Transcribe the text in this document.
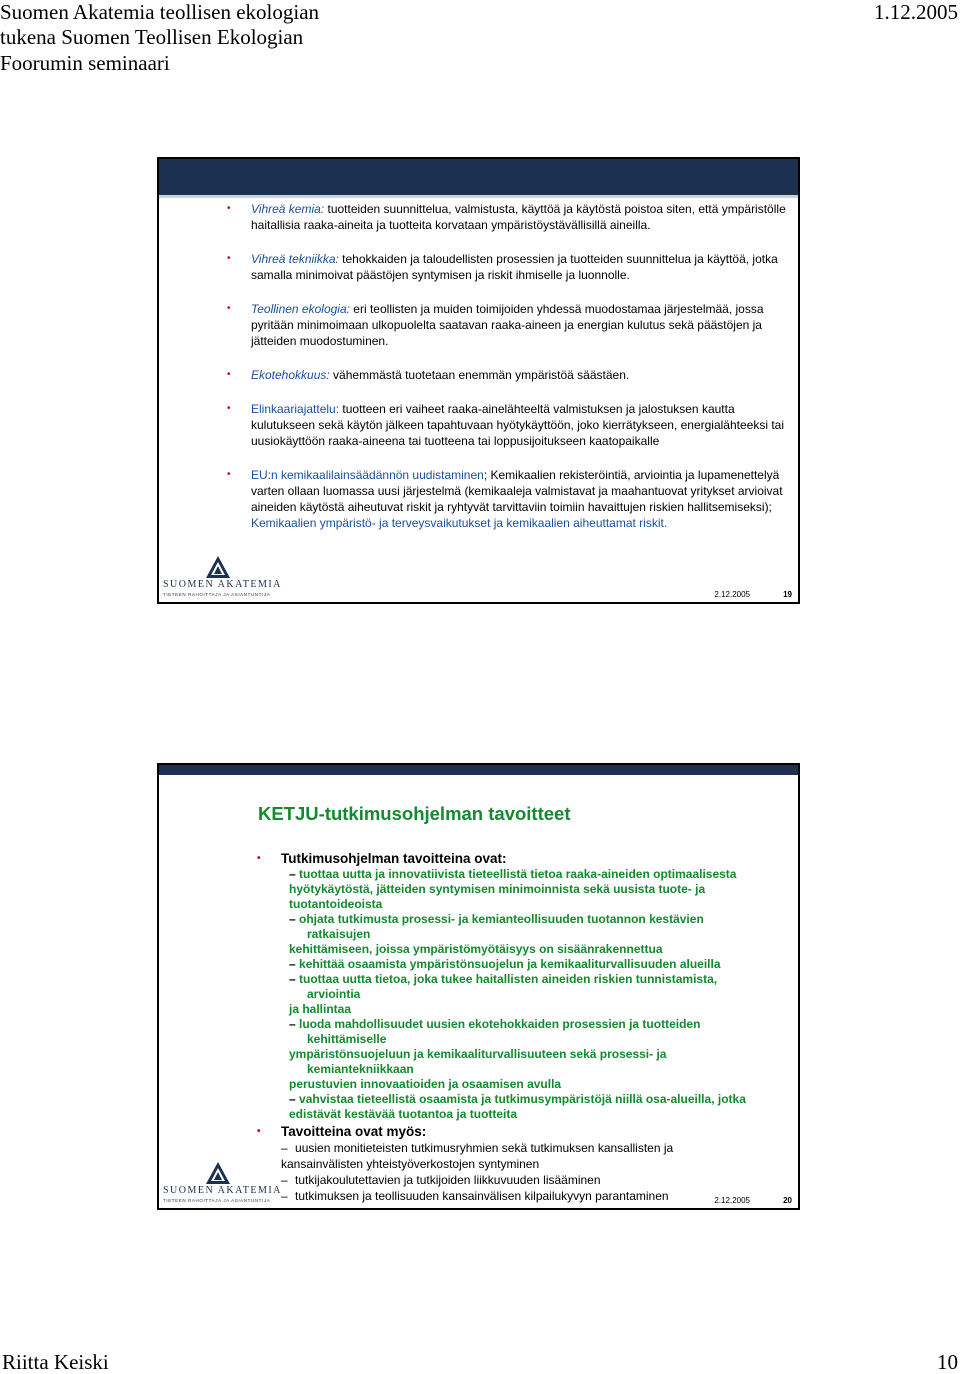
Suomen Akatemia teollisen ekologian
tukena Suomen Teollisen Ekologian
Foorumin seminaari
1.12.2005
• Vihreä kemia: tuotteiden suunnittelua, valmistusta, käyttöä ja käytöstä poistoa siten, että ympäristölle haitallisia raaka-aineita ja tuotteita korvataan ympäristöystävällisillä aineilla.
• Vihreä tekniikka: tehokkaiden ja taloudellisten prosessien ja tuotteiden suunnittelua ja käyttöä, jotka samalla minimoivat päästöjen syntymisen ja riskit ihmiselle ja luonnolle.
• Teollinen ekologia: eri teollisten ja muiden toimijoiden yhdessä muodostamaa järjestelmää, jossa pyritään minimoimaan ulkopuolelta saatavan raaka-aineen ja energian kulutus sekä päästöjen ja jätteiden muodostuminen.
• Ekotehokkuus: vähemmästä tuotetaan enemmän ympäristöä säästäen.
• Elinkaariajattelu: tuotteen eri vaiheet raaka-ainelähteeltä valmistuksen ja jalostuksen kautta kulutukseen sekä käytön jälkeen tapahtuvaan hyötykäyttöön, joko kierrätykseen, energialähteeksi tai uusiokäyttöön raaka-aineena tai tuotteena tai loppusijoitukseen kaatopaikalle
• EU:n kemikaalilainsäädännön uudistaminen; Kemikaalien rekisteröintiä, arviointia ja lupamenettelyä varten ollaan luomassa uusi järjestelmä (kemikaaleja valmistavat ja maahantuovat yritykset arvioivat aineiden käytöstä aiheutuvat riskit ja ryhtyvät tarvittaviin toimiin havaittujen riskien hallitsemiseksi); Kemikaalien ympäristö- ja terveysvaikutukset ja kemikaalien aiheuttamat riskit.
SUOMEN AKATEMIA
TIETEEN RAHOITTAJA JA ASIANTUNTIJA	2.12.2005	19
KETJU-tutkimusohjelman tavoitteet
• Tutkimusohjelman tavoitteina ovat:
– tuottaa uutta ja innovatiivista tieteellistä tietoa raaka-aineiden optimaalisesta
hyötykäytöstä, jätteiden syntymisen minimoinnista sekä uusista tuote- ja
tuotantoideoista
– ohjata tutkimusta prosessi- ja kemianteollisuuden tuotannon kestävien
ratkaisujen
kehittämiseen, joissa ympäristömyötäisyys on sisäänrakennettua
– kehittää osaamista ympäristönsuojelun ja kemikaaliturvallisuuden alueilla
– tuottaa uutta tietoa, joka tukee haitallisten aineiden riskien tunnistamista,
arviointia
ja hallintaa
– luoda mahdollisuudet uusien ekotehokkaiden prosessien ja tuotteiden
kehittämiselle
ympäristönsuojeluun ja kemikaaliturvallisuuteen sekä prosessi- ja
kemiantekniikkaan
perustuvien innovaatioiden ja osaamisen avulla
– vahvistaa tieteellistä osaamista ja tutkimusympäristöjä niillä osa-alueilla, jotka
edistävät kestävää tuotantoa ja tuotteita
• Tavoitteina ovat myös:
– uusien monitieteisten tutkimusryhmien sekä tutkimuksen kansallisten ja
kansainvälisten yhteistyöverkostojen syntyminen
– tutkijakoulutettavien ja tutkijoiden liikkuvuuden lisääminen
– tutkimuksen ja teollisuuden kansainvälisen kilpailukyvyn parantaminen
SUOMEN AKATEMIA
TIETEEN RAHOITTAJA JA ASIANTUNTIJA	2.12.2005	20
Riitta Keiski	10
